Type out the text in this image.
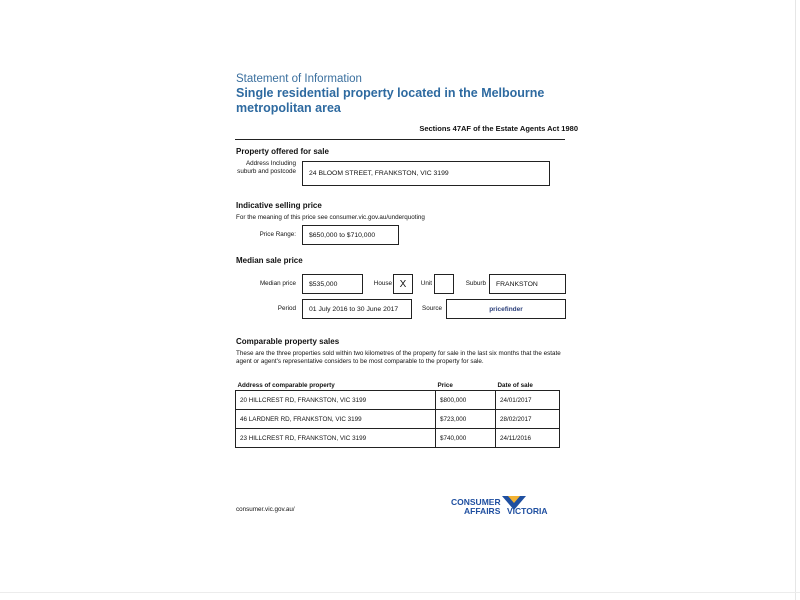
Statement of Information
Single residential property located in the Melbourne metropolitan area
Sections 47AF of the Estate Agents Act 1980
Property offered for sale
Address Including suburb and postcode 24 BLOOM STREET, FRANKSTON, VIC 3199
Indicative selling price
For the meaning of this price see consumer.vic.gov.au/underquoting
Price Range: $650,000 to $710,000
Median sale price
Median price $535,000	House X	Unit	Suburb FRANKSTON
Period 01 July 2016 to 30 June 2017	Source	pricefinder
Comparable property sales
These are the three properties sold within two kilometres of the property for sale in the last six months that the estate agent or agent's representative considers to be most comparable to the property for sale.
Address of comparable property	Price	Date of sale
20 HILLCREST RD, FRANKSTON, VIC 3199	$800,000	24/01/2017
46 LARDNER RD, FRANKSTON, VIC 3199	$723,000	28/02/2017
23 HILLCREST RD, FRANKSTON, VIC 3199	$740,000	24/11/2016
consumer.vic.gov.au/
CONSUMER
AFFAIRS VICTORIA
